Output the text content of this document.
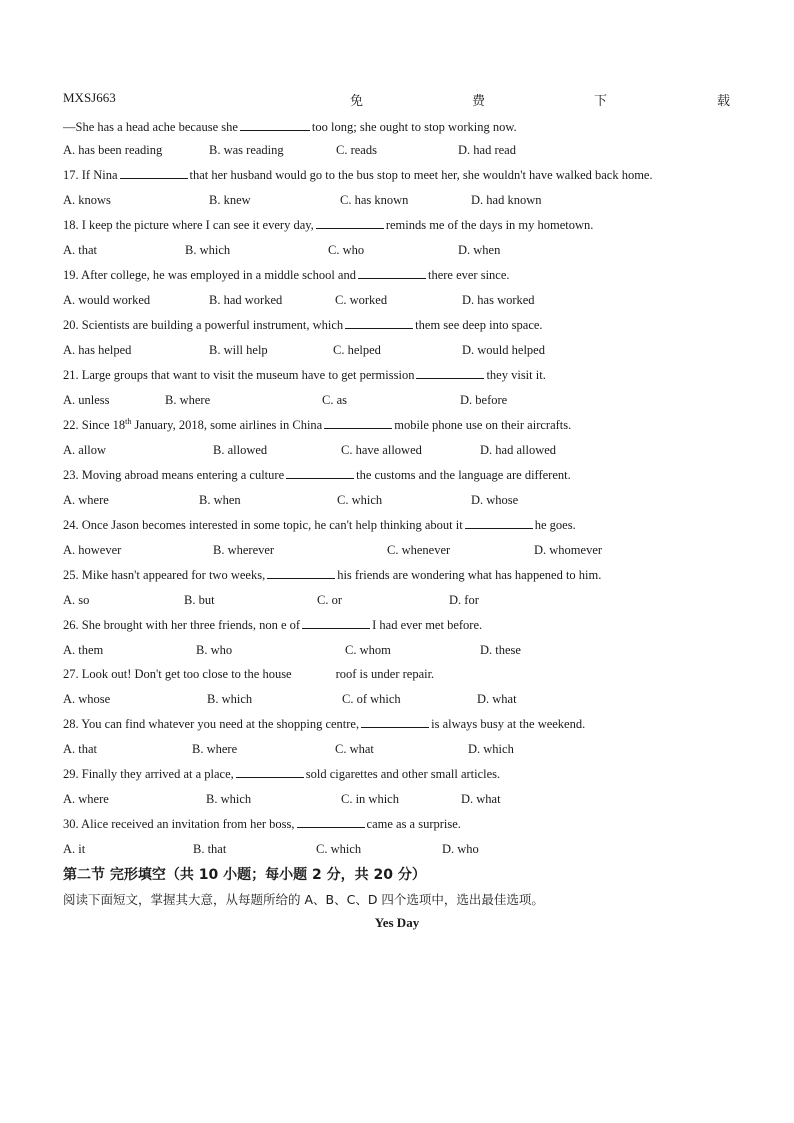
MXSJ663	免	费	下	载
—She has a head ache because she	too long; she ought to stop working now.
A. has been reading	B. was reading	C. reads	D. had read
17. If Nina	that her husband would go to the bus stop to meet her, she wouldn't have walked back home.
A. knows	B. knew	C. has known	D. had known
18. I keep the picture where I can see it every day,	reminds me of the days in my hometown.
A. that	B. which	C. who	D. when
19. After college, he was employed in a middle school and	there ever since.
A. would worked	B. had worked	C. worked	D. has worked
20. Scientists are building a powerful instrument, which	them see deep into space.
A. has helped	B. will help	C. helped	D. would helped
21. Large groups that want to visit the museum have to get permission	they visit it.
A. unless	B. where	C. as	D. before
22. Since 18th January, 2018, some airlines in China	mobile phone use on their aircrafts.
A. allow	B. allowed	C. have allowed	D. had allowed
23. Moving abroad means entering a culture	the customs and the language are different.
A. where	B. when	C. which	D. whose
24. Once Jason becomes interested in some topic, he can't help thinking about it	he goes.
A. however	B. wherever	C. whenever	D. whomever
25. Mike hasn't appeared for two weeks,	his friends are wondering what has happened to him.
A. so	B. but	C. or	D. for
26. She brought with her three friends, non e of	I had ever met before.
A. them	B. who	C. whom	D. these
27. Look out! Don't get too close to the house	roof is under repair.
A. whose	B. which	C. of which	D. what
28. You can find whatever you need at the shopping centre,	is always busy at the weekend.
A. that	B. where	C. what	D. which
29. Finally they arrived at a place,	sold cigarettes and other small articles.
A. where	B. which	C. in which	D. what
30. Alice received an invitation from her boss,	came as a surprise.
A. it	B. that	C. which	D. who
第二节 完形填空（共 10 小题；每小题 2 分，共 20 分）
阅读下面短文，掌握其大意，从每题所给的 A、B、C、D 四个选项中，选出最佳选项。
Yes Day
